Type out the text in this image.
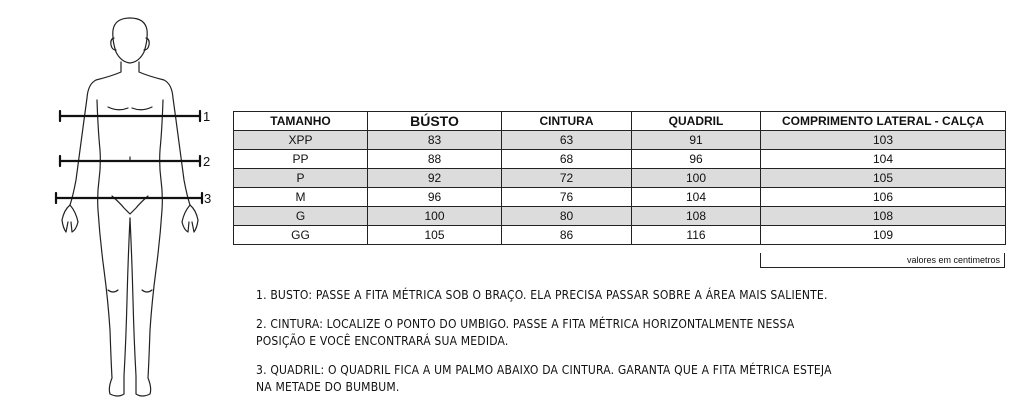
1
2
3
TAMANHO	BÚSTO	CINTURA	QUADRIL	COMPRIMENTO LATERAL - CALÇA
XPP	83	63	91	103
PP	88	68	96	104
P	92	72	100	105
M	96	76	104	106
G	100	80	108	108
GG	105	86	116	109
valores em centimetros

1. BUSTO: PASSE A FITA MÉTRICA SOB O BRAÇO. ELA PRECISA PASSAR SOBRE A ÁREA MAIS SALIENTE.

2. CINTURA: LOCALIZE O PONTO DO UMBIGO. PASSE A FITA MÉTRICA HORIZONTALMENTE NESSA
POSIÇÃO E VOCÊ ENCONTRARÁ SUA MEDIDA.

3. QUADRIL: O QUADRIL FICA A UM PALMO ABAIXO DA CINTURA. GARANTA QUE A FITA MÉTRICA ESTEJA
NA METADE DO BUMBUM.
